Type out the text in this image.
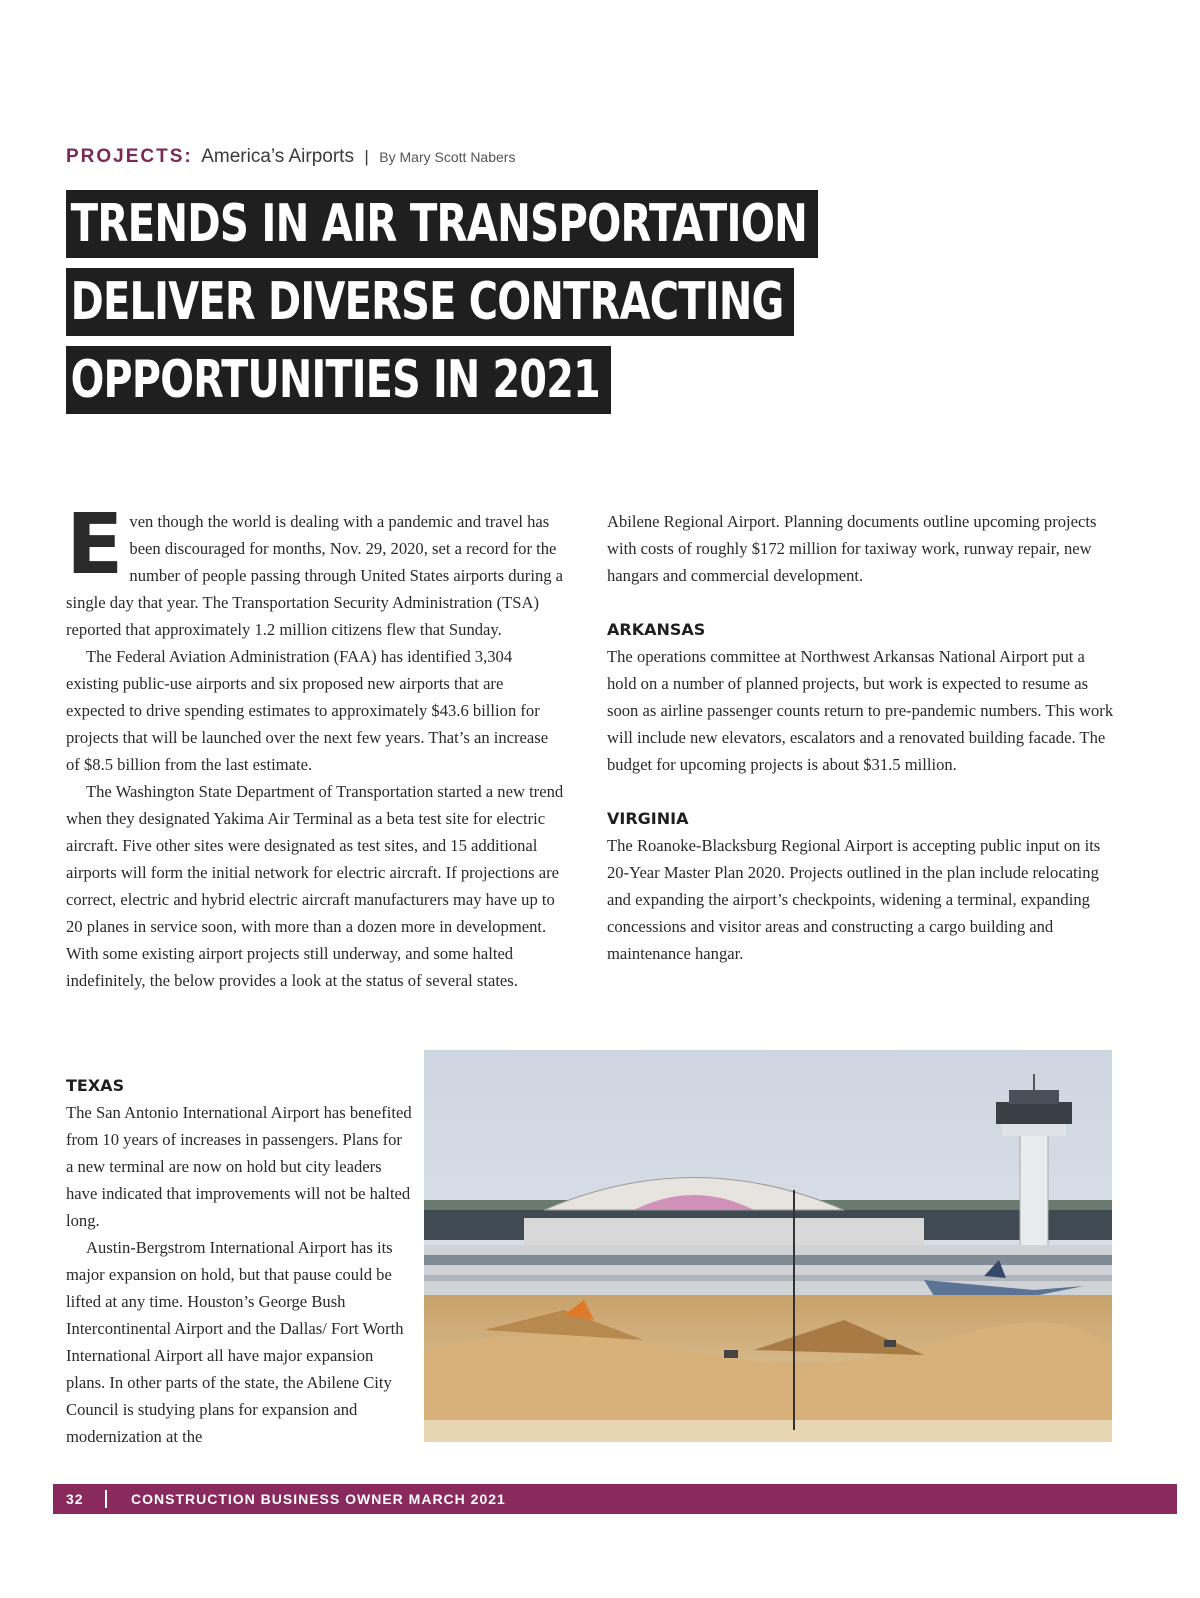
PROJECTS: America’s Airports | By Mary Scott Nabers
TRENDS IN AIR TRANSPORTATION
DELIVER DIVERSE CONTRACTING
OPPORTUNITIES IN 2021

Even though the world is dealing with a pandemic and travel has been discouraged for months, Nov. 29, 2020, set a record for the number of people passing through United States airports during a single day that year. The Transportation Security Administration (TSA) reported that approximately 1.2 million citizens flew that Sunday.

The Federal Aviation Administration (FAA) has identified 3,304 existing public-use airports and six proposed new airports that are expected to drive spending estimates to approximately $43.6 billion for projects that will be launched over the next few years. That’s an increase of $8.5 billion from the last estimate.

The Washington State Department of Transportation started a new trend when they designated Yakima Air Terminal as a beta test site for electric aircraft. Five other sites were designated as test sites, and 15 additional airports will form the initial network for electric aircraft. If projections are correct, electric and hybrid electric aircraft manufacturers may have up to 20 planes in service soon, with more than a dozen more in development. With some existing airport projects still underway, and some halted indefinitely, the below provides a look at the status of several states.

TEXAS

The San Antonio International Airport has benefited from 10 years of increases in passengers. Plans for a new terminal are now on hold but city leaders have indicated that improvements will not be halted long.

Austin-Bergstrom International Airport has its major expansion on hold, but that pause could be lifted at any time. Houston’s George Bush Intercontinental Airport and the Dallas/ Fort Worth International Airport all have major expansion plans. In other parts of the state, the Abilene City Council is studying plans for expansion and modernization at the

Abilene Regional Airport. Planning documents outline upcoming projects with costs of roughly $172 million for taxiway work, runway repair, new hangars and commercial development.

ARKANSAS

The operations committee at Northwest Arkansas National Airport put a hold on a number of planned projects, but work is expected to resume as soon as airline passenger counts return to pre-pandemic numbers. This work will include new elevators, escalators and a renovated building facade. The budget for upcoming projects is about $31.5 million.

VIRGINIA

The Roanoke-Blacksburg Regional Airport is accepting public input on its 20-Year Master Plan 2020. Projects outlined in the plan include relocating and expanding the airport’s checkpoints, widening a terminal, expanding concessions and visitor areas and constructing a cargo building and maintenance hangar.

32	CONSTRUCTION BUSINESS OWNER MARCH 2021
